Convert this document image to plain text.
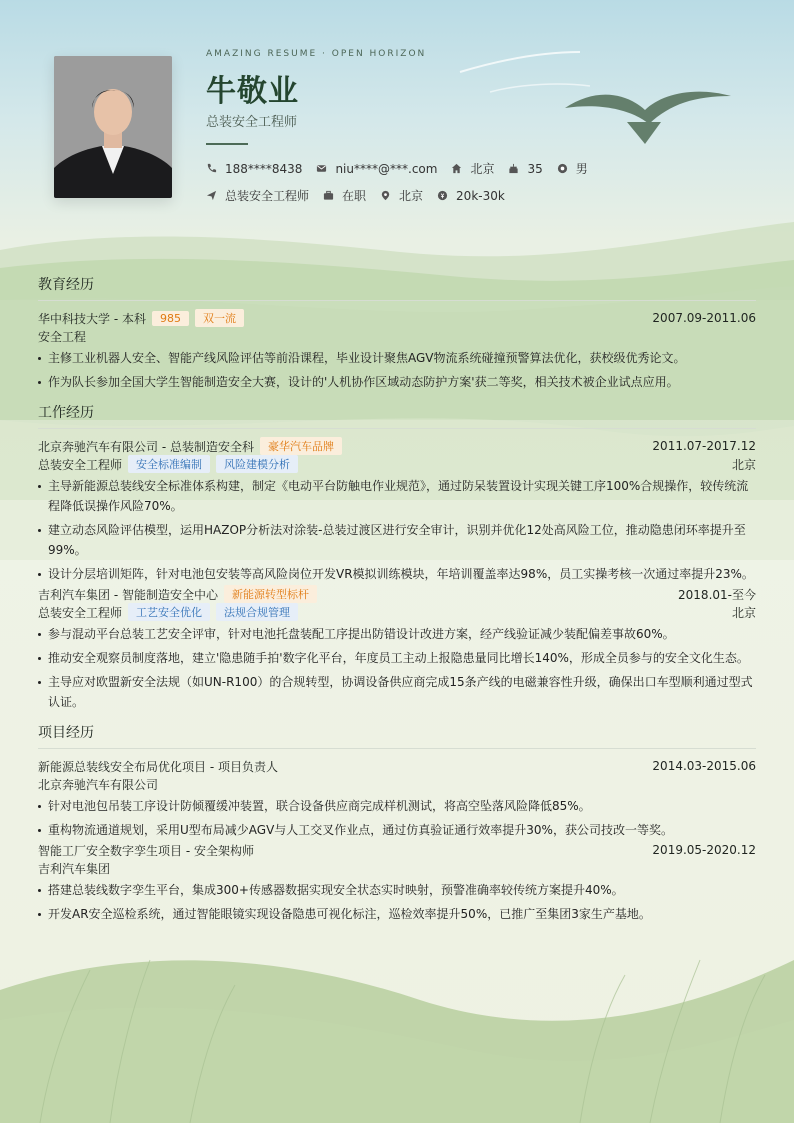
AMAZING RESUME · OPEN HORIZON
牛敬业
总装安全工程师
188****8438	niu****@***.com	北京	35	男
总装安全工程师	在职	北京	20k-30k
教育经历
华中科技大学 - 本科	985	双一流	2007.09-2011.06
安全工程
主修工业机器人安全、智能产线风险评估等前沿课程，毕业设计聚焦AGV物流系统碰撞预警算法优化，获校级优秀论文。
作为队长参加全国大学生智能制造安全大赛，设计的'人机协作区域动态防护方案'获二等奖，相关技术被企业试点应用。
工作经历
北京奔驰汽车有限公司 - 总装制造安全科	豪华汽车品牌	2011.07-2017.12
总装安全工程师	安全标准编制	风险建模分析	北京
主导新能源总装线安全标准体系构建，制定《电动平台防触电作业规范》，通过防呆装置设计实现关键工序100%合规操作，较传统流程降低误操作风险70%。
建立动态风险评估模型，运用HAZOP分析法对涂装-总装过渡区进行安全审计，识别并优化12处高风险工位，推动隐患闭环率提升至99%。
设计分层培训矩阵，针对电池包安装等高风险岗位开发VR模拟训练模块，年培训覆盖率达98%，员工实操考核一次通过率提升23%。
吉利汽车集团 - 智能制造安全中心	新能源转型标杆	2018.01-至今
总装安全工程师	工艺安全优化	法规合规管理	北京
参与混动平台总装工艺安全评审，针对电池托盘装配工序提出防错设计改进方案，经产线验证减少装配偏差事故60%。
推动安全观察员制度落地，建立'隐患随手拍'数字化平台，年度员工主动上报隐患量同比增长140%，形成全员参与的安全文化生态。
主导应对欧盟新安全法规（如UN-R100）的合规转型，协调设备供应商完成15条产线的电磁兼容性升级，确保出口车型顺利通过型式认证。
项目经历
新能源总装线安全布局优化项目 - 项目负责人	2014.03-2015.06
北京奔驰汽车有限公司
针对电池包吊装工序设计防倾覆缓冲装置，联合设备供应商完成样机测试，将高空坠落风险降低85%。
重构物流通道规划，采用U型布局减少AGV与人工交叉作业点，通过仿真验证通行效率提升30%，获公司技改一等奖。
智能工厂安全数字孪生项目 - 安全架构师	2019.05-2020.12
吉利汽车集团
搭建总装线数字孪生平台，集成300+传感器数据实现安全状态实时映射，预警准确率较传统方案提升40%。
开发AR安全巡检系统，通过智能眼镜实现设备隐患可视化标注，巡检效率提升50%，已推广至集团3家生产基地。
